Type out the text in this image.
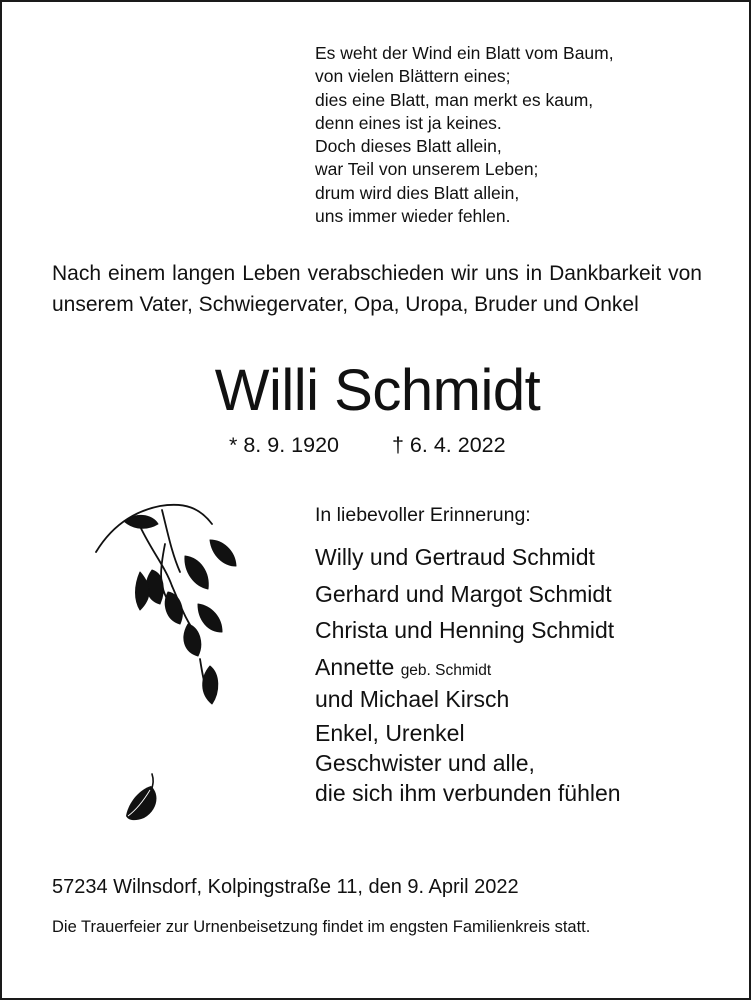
Es weht der Wind ein Blatt vom Baum,
von vielen Blättern eines;
dies eine Blatt, man merkt es kaum,
denn eines ist ja keines.
Doch dieses Blatt allein,
war Teil von unserem Leben;
drum wird dies Blatt allein,
uns immer wieder fehlen.

Nach einem langen Leben verabschieden wir uns in Dankbarkeit von unserem Vater, Schwiegervater, Opa, Uropa, Bruder und Onkel

Willi Schmidt
* 8. 9. 1920 † 6. 4. 2022
In liebevoller Erinnerung:
Willy und Gertraud Schmidt
Gerhard und Margot Schmidt
Christa und Henning Schmidt
Annette geb. Schmidt
und Michael Kirsch
Enkel, Urenkel
Geschwister und alle,
die sich ihm verbunden fühlen
57234 Wilnsdorf, Kolpingstraße 11, den 9. April 2022
Die Trauerfeier zur Urnenbeisetzung findet im engsten Familienkreis statt.
